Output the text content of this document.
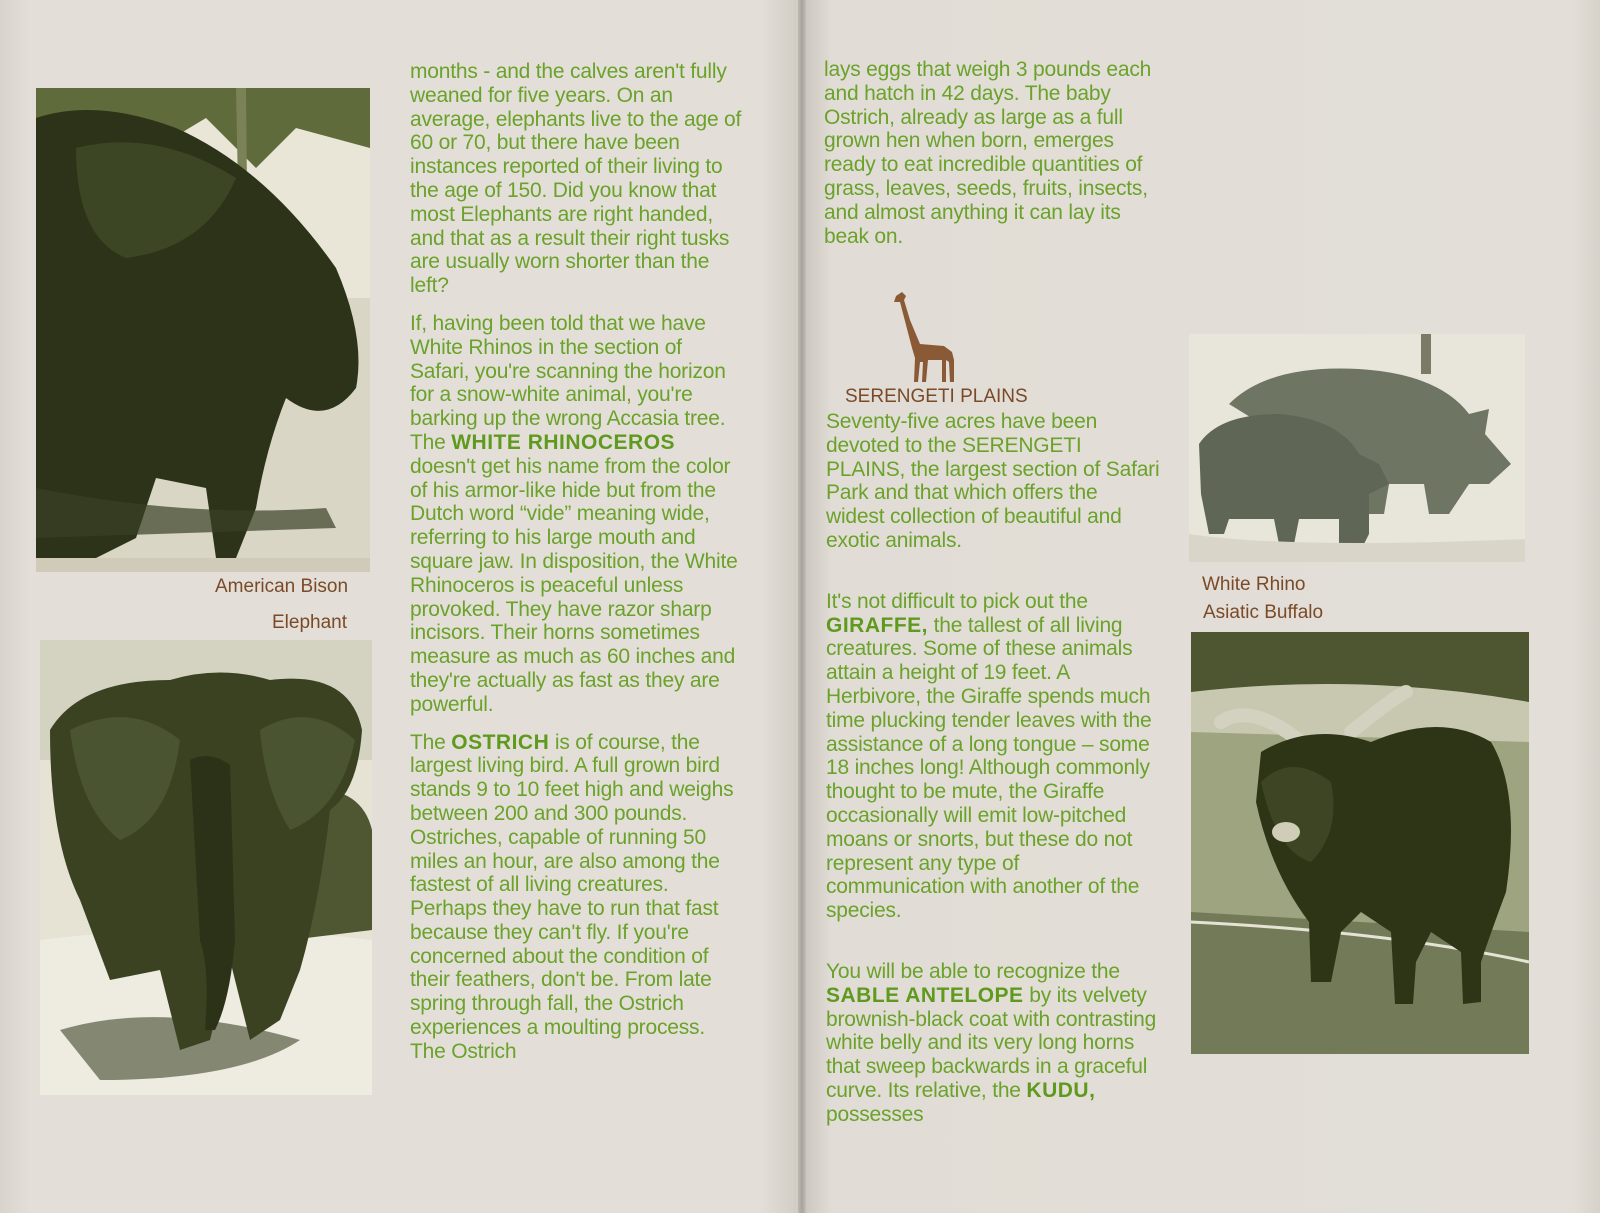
American Bison
Elephant

months - and the calves aren't fully weaned for five years. On an average, elephants live to the age of 60 or 70, but there have been instances reported of their living to the age of 150. Did you know that most Elephants are right handed, and that as a result their right tusks are usually worn shorter than the left?

If, having been told that we have White Rhinos in the section of Safari, you're scanning the horizon for a snow-white animal, you're barking up the wrong Accasia tree. The WHITE RHINOCEROS doesn't get his name from the color of his armor-like hide but from the Dutch word “vide” meaning wide, referring to his large mouth and square jaw. In disposition, the White Rhinoceros is peaceful unless provoked. They have razor sharp incisors. Their horns sometimes measure as much as 60 inches and they're actually as fast as they are powerful.

The OSTRICH is of course, the largest living bird. A full grown bird stands 9 to 10 feet high and weighs between 200 and 300 pounds. Ostriches, capable of running 50 miles an hour, are also among the fastest of all living creatures. Perhaps they have to run that fast because they can't fly. If you're concerned about the condition of their feathers, don't be. From late spring through fall, the Ostrich experiences a moulting process. The Ostrich

lays eggs that weigh 3 pounds each and hatch in 42 days. The baby Ostrich, already as large as a full grown hen when born, emerges ready to eat incredible quantities of grass, leaves, seeds, fruits, insects, and almost anything it can lay its beak on.
SERENGETI PLAINS

Seventy-five acres have been devoted to the SERENGETI PLAINS, the largest section of Safari Park and that which offers the widest collection of beautiful and exotic animals.

It's not difficult to pick out the GIRAFFE, the tallest of all living creatures. Some of these animals attain a height of 19 feet. A Herbivore, the Giraffe spends much time plucking tender leaves with the assistance of a long tongue – some 18 inches long! Although commonly thought to be mute, the Giraffe occasionally will emit low-pitched moans or snorts, but these do not represent any type of communication with another of the species.

You will be able to recognize the SABLE ANTELOPE by its velvety brownish-black coat with contrasting white belly and its very long horns that sweep backwards in a graceful curve. Its relative, the KUDU, possesses

White Rhino
Asiatic Buffalo
